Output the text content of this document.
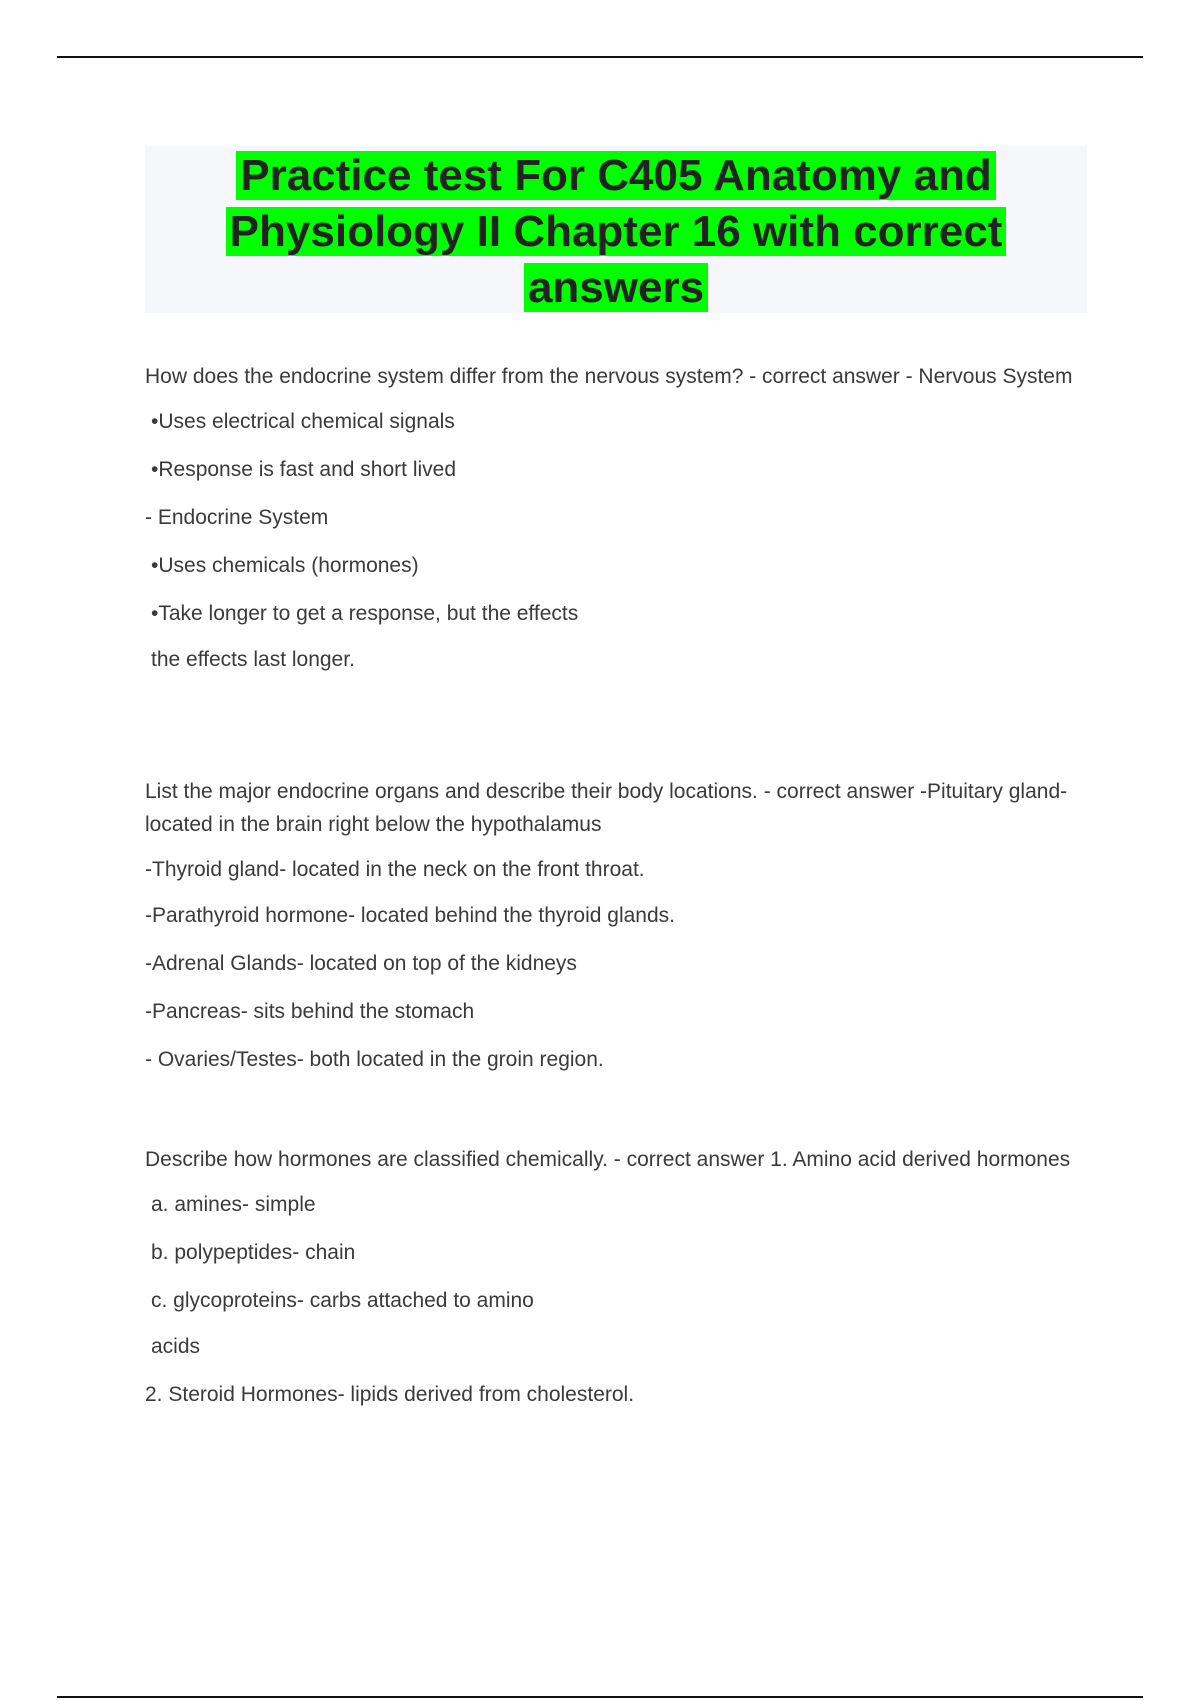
Practice test For C405 Anatomy and
Physiology II Chapter 16 with correct
answers

How does the endocrine system differ from the nervous system? - correct answer - Nervous System

•Uses electrical chemical signals

•Response is fast and short lived

- Endocrine System

•Uses chemicals (hormones)

•Take longer to get a response, but the effects

the effects last longer.

List the major endocrine organs and describe their body locations. - correct answer -Pituitary gland- located in the brain right below the hypothalamus

-Thyroid gland- located in the neck on the front throat.

-Parathyroid hormone- located behind the thyroid glands.

-Adrenal Glands- located on top of the kidneys

-Pancreas- sits behind the stomach

- Ovaries/Testes- both located in the groin region.

Describe how hormones are classified chemically. - correct answer 1. Amino acid derived hormones

a. amines- simple

b. polypeptides- chain

c. glycoproteins- carbs attached to amino

acids

2. Steroid Hormones- lipids derived from cholesterol.
